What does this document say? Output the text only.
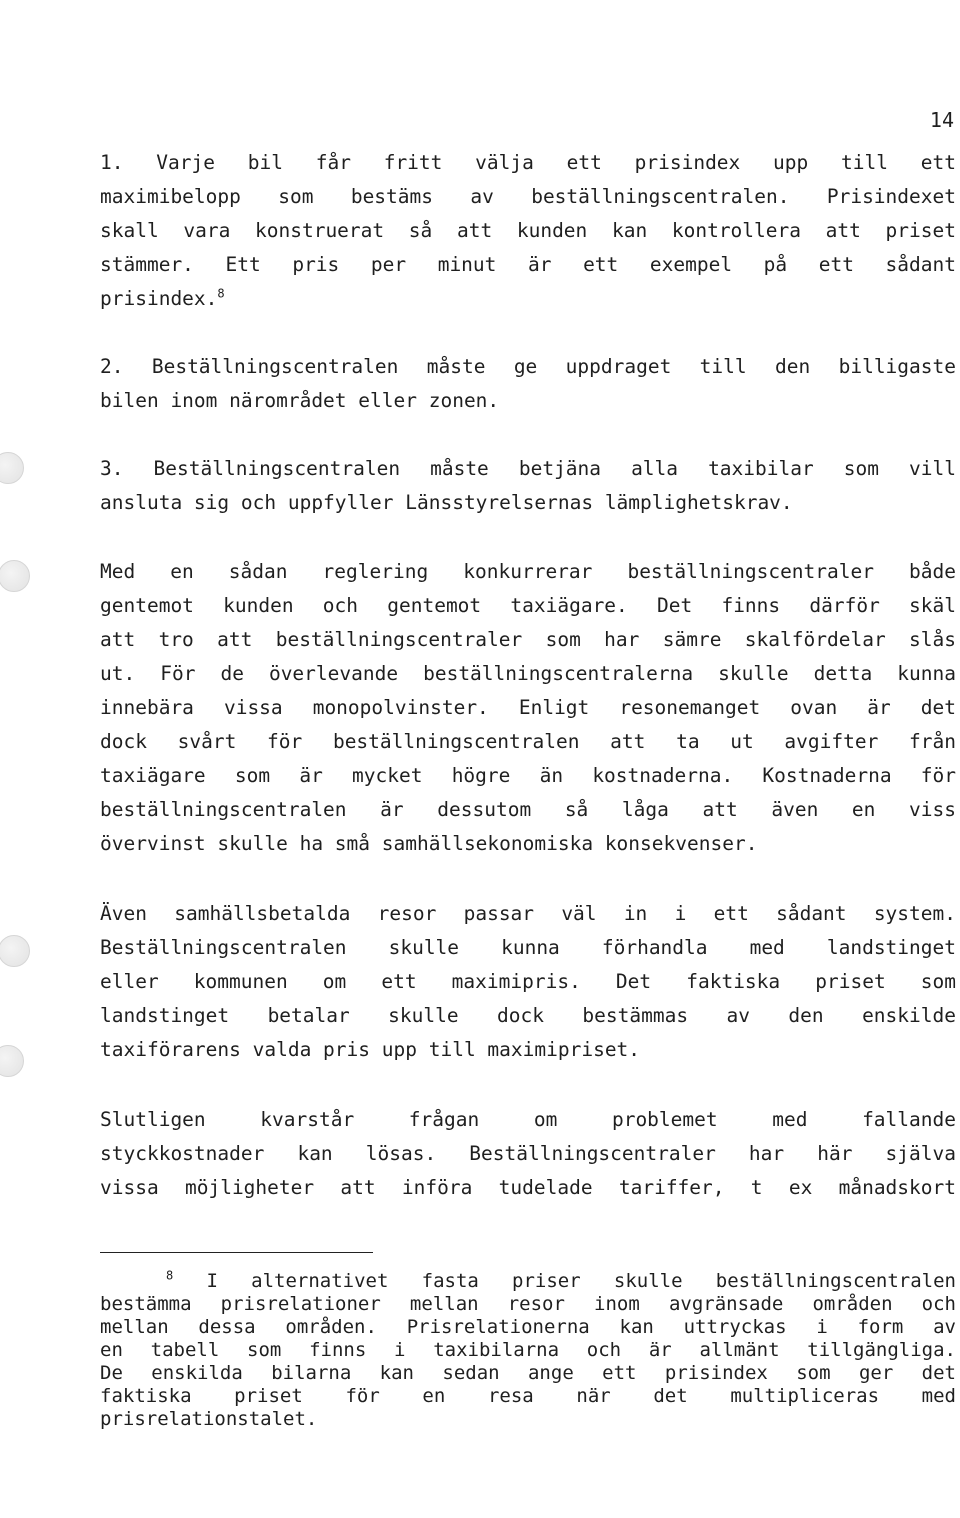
14
1. Varje bil får fritt välja ett prisindex upp till ett
maximibelopp som bestäms av beställningscentralen. Prisindexet
skall vara konstruerat så att kunden kan kontrollera att priset
stämmer. Ett pris per minut är ett exempel på ett sådant
prisindex.$^8$
2. Beställningscentralen måste ge uppdraget till den billigaste
bilen inom närområdet eller zonen.
3. Beställningscentralen måste betjäna alla taxibilar som vill
ansluta sig och uppfyller Länsstyrelsernas lämplighetskrav.
Med en sådan reglering konkurrerar beställningscentraler både
gentemot kunden och gentemot taxiägare. Det finns därför skäl
att tro att beställningscentraler som har sämre skalfördelar slås
ut. För de överlevande beställningscentralerna skulle detta kunna
innebära vissa monopolvinster. Enligt resonemanget ovan är det
dock svårt för beställningscentralen att ta ut avgifter från
taxiägare som är mycket högre än kostnaderna. Kostnaderna för
beställningscentralen är dessutom så låga att även en viss
övervinst skulle ha små samhällsekonomiska konsekvenser.
Även samhällsbetalda resor passar väl in i ett sådant system.
Beställningscentralen skulle kunna förhandla med landstinget
eller kommunen om ett maximipris. Det faktiska priset som
landstinget betalar skulle dock bestämmas av den enskilde
taxiförarens valda pris upp till maximipriset.
Slutligen kvarstår frågan om problemet med fallande
styckkostnader kan lösas. Beställningscentraler har här själva
vissa möjligheter att införa tudelade tariffer, t ex månadskort
$^8$ I alternativet fasta priser skulle beställningscentralen
bestämma prisrelationer mellan resor inom avgränsade områden och
mellan dessa områden. Prisrelationerna kan uttryckas i form av
en tabell som finns i taxibilarna och är allmänt tillgängliga.
De enskilda bilarna kan sedan ange ett prisindex som ger det
faktiska priset för en resa när det multipliceras med
prisrelationstalet.
